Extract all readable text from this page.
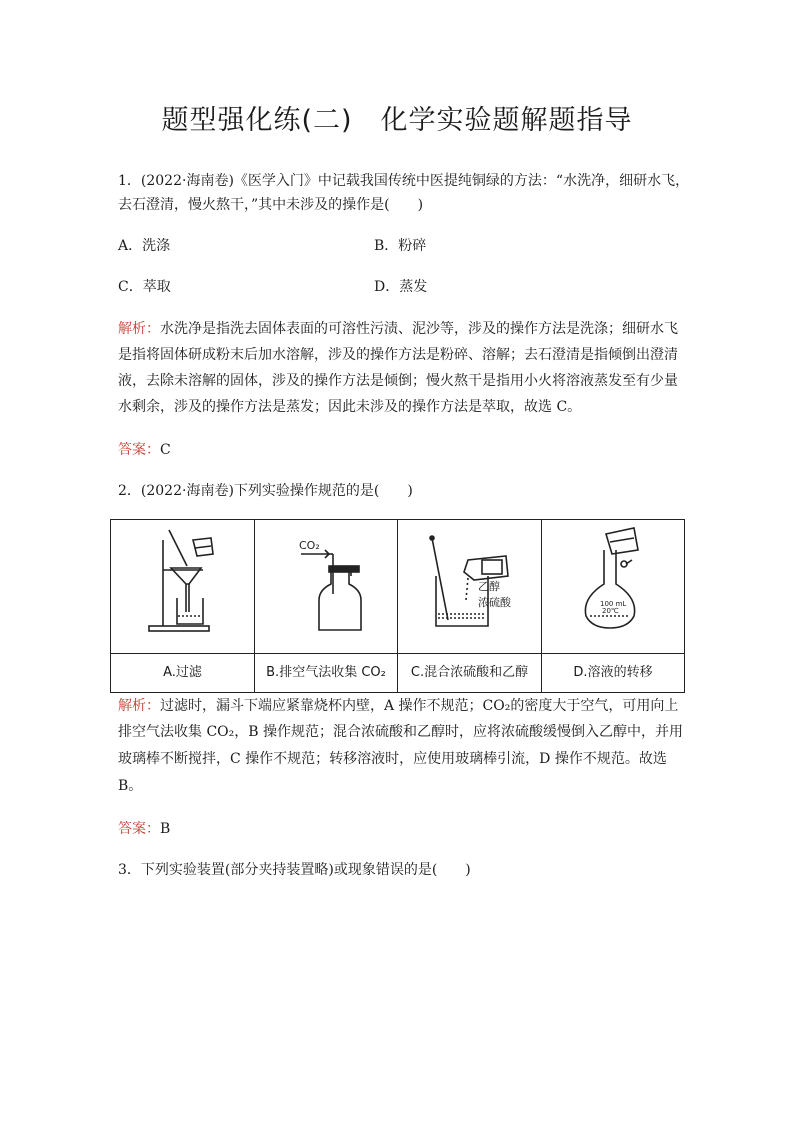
题型强化练(二)　化学实验题解题指导
1．(2022·海南卷)《医学入门》中记载我国传统中医提纯铜绿的方法：“水洗净，细研水飞，
去石澄清，慢火熬干，”其中未涉及的操作是(　　)
A．洗涤	B．粉碎
C．萃取	D．蒸发
解析：水洗净是指洗去固体表面的可溶性污渍、泥沙等，涉及的操作方法是洗涤；细研水飞
是指将固体研成粉末后加水溶解，涉及的操作方法是粉碎、溶解；去石澄清是指倾倒出澄清
液，去除未溶解的固体，涉及的操作方法是倾倒；慢火熬干是指用小火将溶液蒸发至有少量
水剩余，涉及的操作方法是蒸发；因此未涉及的操作方法是萃取，故选 C。
答案：C
2．(2022·海南卷)下列实验操作规范的是(　　)
CO₂
乙醇
浓硫酸	100 mL
20℃
A.过滤	B.排空气法收集 CO₂	C.混合浓硫酸和乙醇	D.溶液的转移
解析：过滤时，漏斗下端应紧靠烧杯内壁，A 操作不规范；CO₂的密度大于空气，可用向上
排空气法收集 CO₂，B 操作规范；混合浓硫酸和乙醇时，应将浓硫酸缓慢倒入乙醇中，并用
玻璃棒不断搅拌，C 操作不规范；转移溶液时，应使用玻璃棒引流，D 操作不规范。故选
B。
答案：B
3．下列实验装置(部分夹持装置略)或现象错误的是(　　)
